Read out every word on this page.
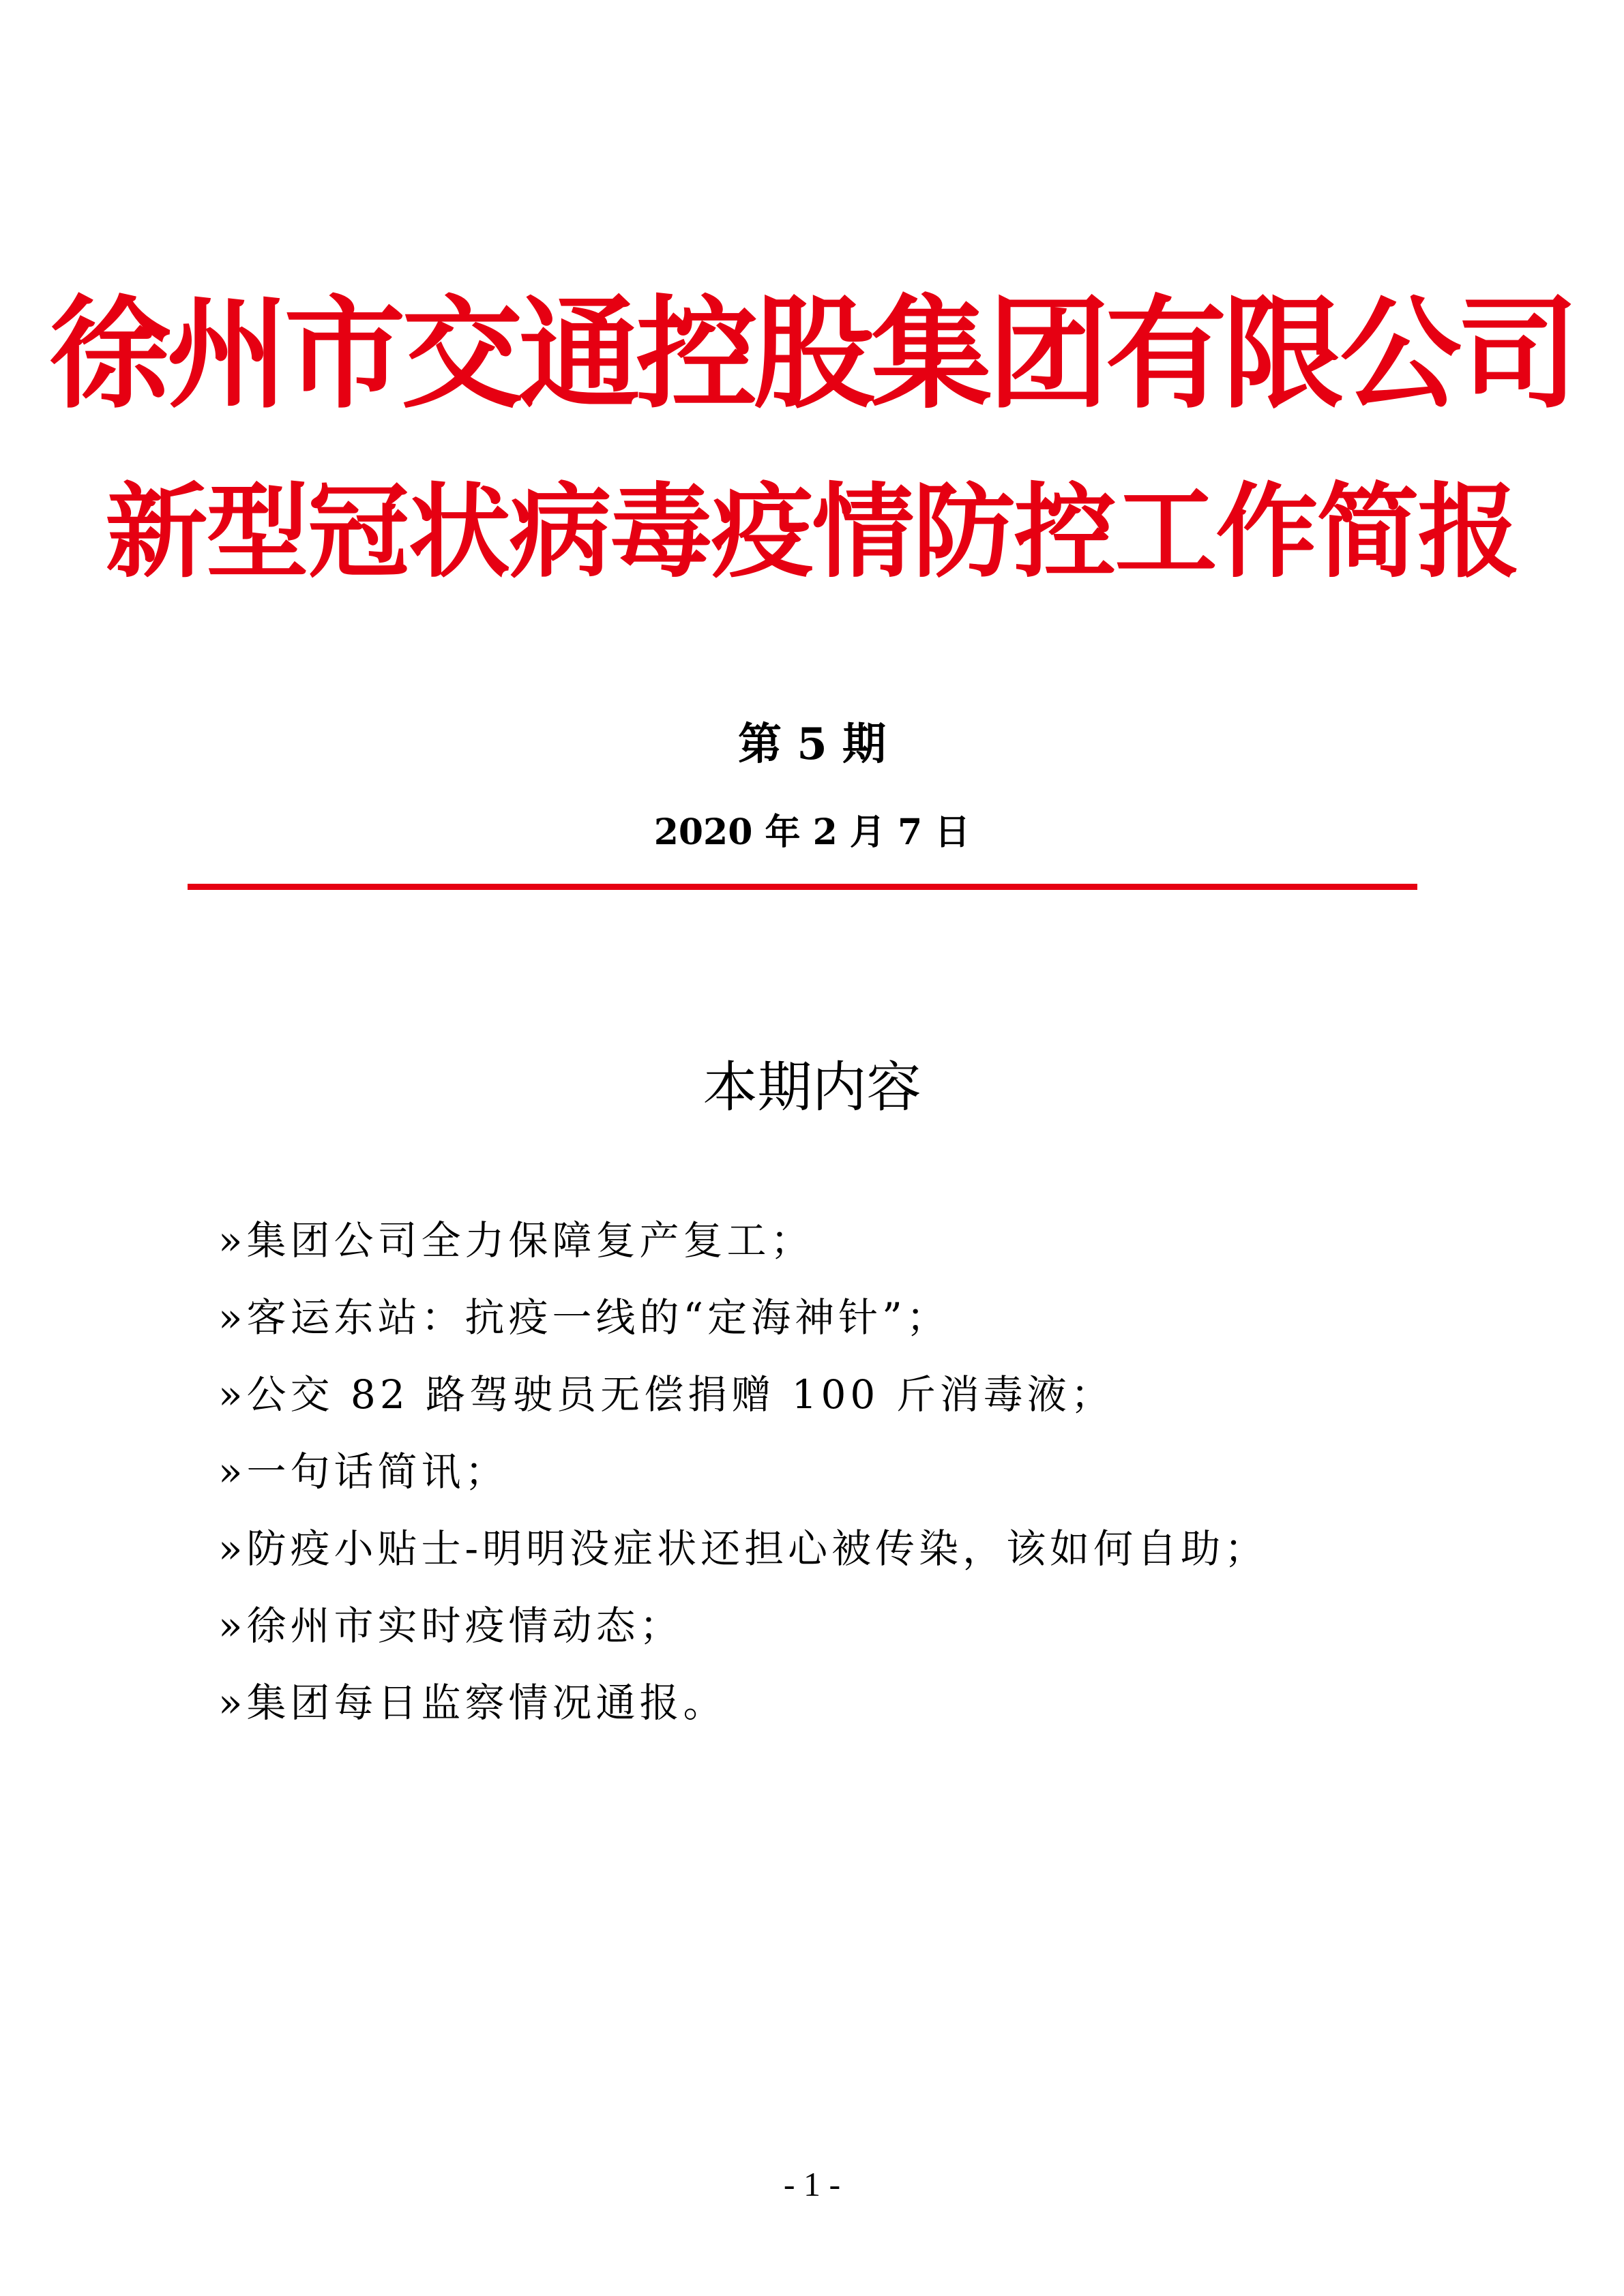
徐州市交通控股集团有限公司
新型冠状病毒疫情防控工作简报
第 5 期
2020 年 2 月 7 日
本期内容
»集团公司全力保障复产复工；
»客运东站：抗疫一线的“定海神针”；
»公交 82 路驾驶员无偿捐赠 100 斤消毒液；
»一句话简讯；
»防疫小贴士-明明没症状还担心被传染，该如何自助；
»徐州市实时疫情动态；
»集团每日监察情况通报。
- 1 -
